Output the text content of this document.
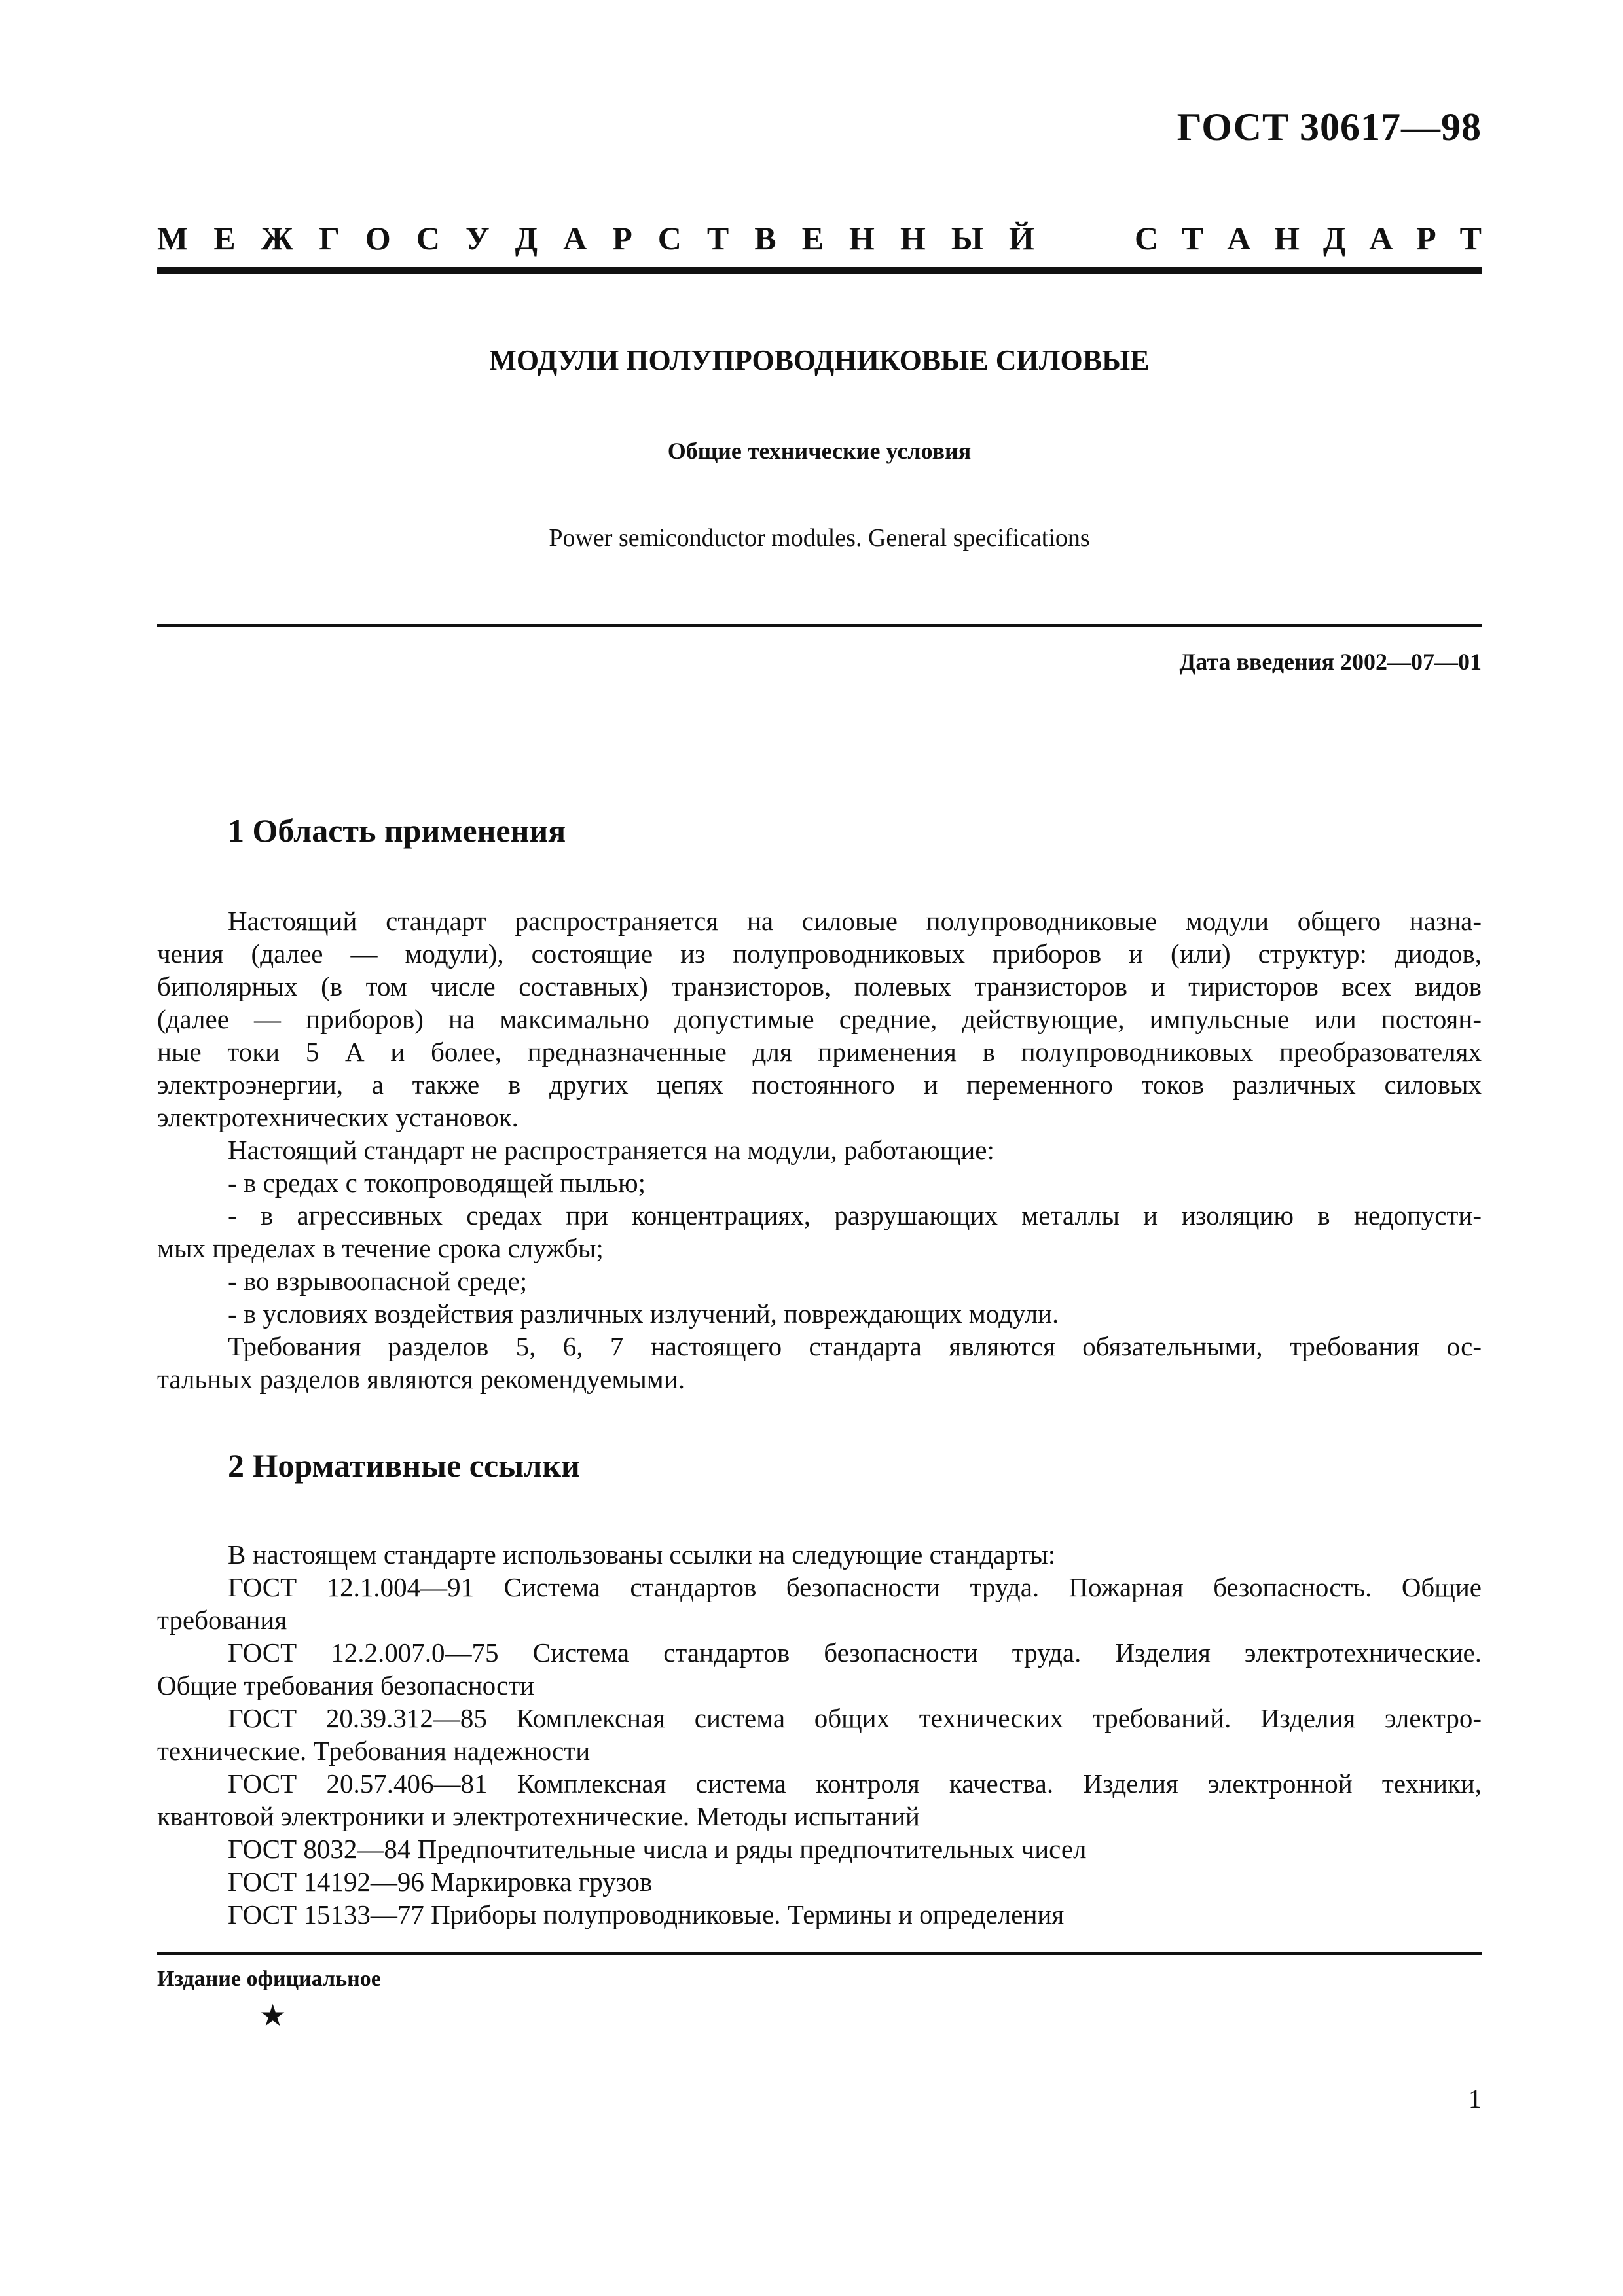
ГОСТ 30617—98
М Е Ж Г О С У Д А Р С Т В Е Н Н Ы Й	С Т А Н Д А Р Т
МОДУЛИ ПОЛУПРОВОДНИКОВЫЕ СИЛОВЫЕ
Общие технические условия
Power semiconductor modules. General specifications
Дата введения 2002—07—01
1 Область применения
Настоящий стандарт распространяется на силовые полупроводниковые модули общего назна-
чения (далее — модули), состоящие из полупроводниковых приборов и (или) структур: диодов,
биполярных (в том числе составных) транзисторов, полевых транзисторов и тиристоров всех видов
(далее — приборов) на максимально допустимые средние, действующие, импульсные или постоян-
ные токи 5 А и более, предназначенные для применения в полупроводниковых преобразователях
электроэнергии, а также в других цепях постоянного и переменного токов различных силовых
электротехнических установок.
Настоящий стандарт не распространяется на модули, работающие:
- в средах с токопроводящей пылью;
- в агрессивных средах при концентрациях, разрушающих металлы и изоляцию в недопусти-
мых пределах в течение срока службы;
- во взрывоопасной среде;
- в условиях воздействия различных излучений, повреждающих модули.
Требования разделов 5, 6, 7 настоящего стандарта являются обязательными, требования ос-
тальных разделов являются рекомендуемыми.
2 Нормативные ссылки
В настоящем стандарте использованы ссылки на следующие стандарты:
ГОСТ 12.1.004—91 Система стандартов безопасности труда. Пожарная безопасность. Общие
требования
ГОСТ 12.2.007.0—75 Система стандартов безопасности труда. Изделия электротехнические.
Общие требования безопасности
ГОСТ 20.39.312—85 Комплексная система общих технических требований. Изделия электро-
технические. Требования надежности
ГОСТ 20.57.406—81 Комплексная система контроля качества. Изделия электронной техники,
квантовой электроники и электротехнические. Методы испытаний
ГОСТ 8032—84 Предпочтительные числа и ряды предпочтительных чисел
ГОСТ 14192—96 Маркировка грузов
ГОСТ 15133—77 Приборы полупроводниковые. Термины и определения
Издание официальное
★
1
